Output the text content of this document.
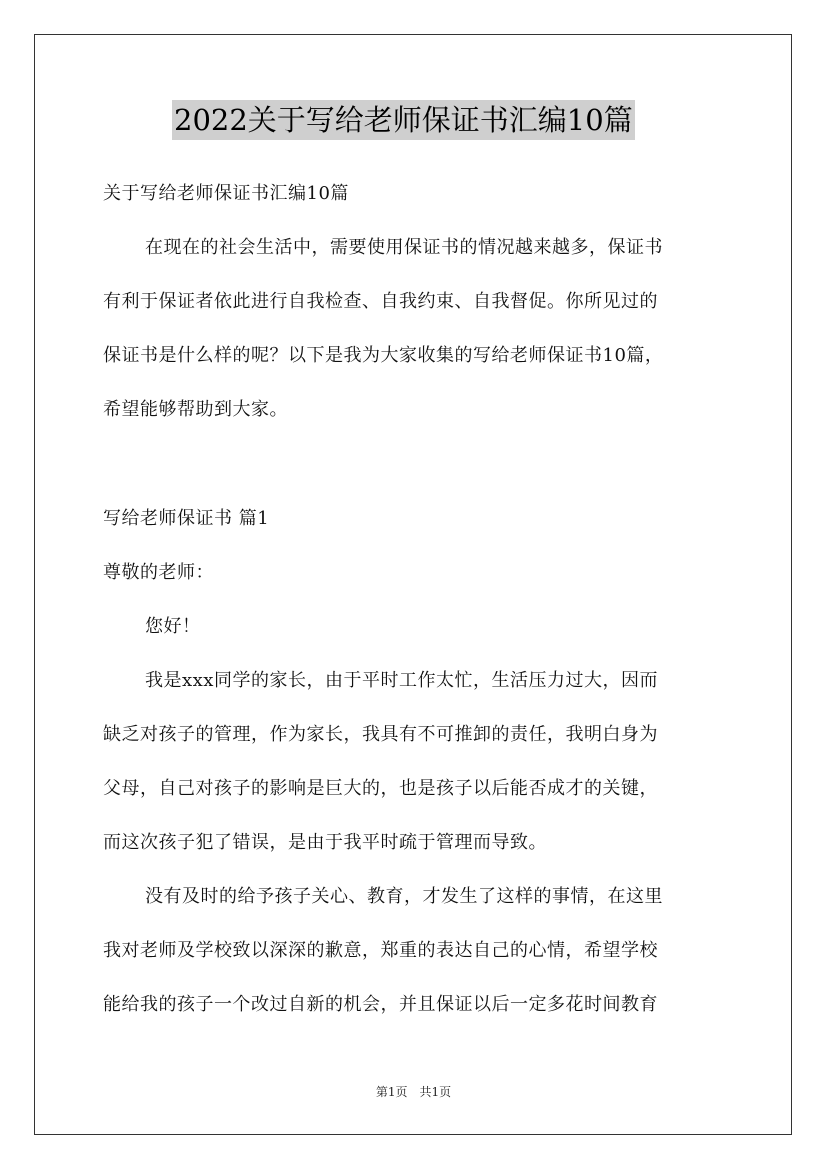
2022关于写给老师保证书汇编10篇
关于写给老师保证书汇编10篇
在现在的社会生活中，需要使用保证书的情况越来越多，保证书
有利于保证者依此进行自我检查、自我约束、自我督促。你所见过的
保证书是什么样的呢？以下是我为大家收集的写给老师保证书10篇，
希望能够帮助到大家。
写给老师保证书 篇1
尊敬的老师：
您好！
我是xxx同学的家长，由于平时工作太忙，生活压力过大，因而
缺乏对孩子的管理，作为家长，我具有不可推卸的责任，我明白身为
父母，自己对孩子的影响是巨大的，也是孩子以后能否成才的关键，
而这次孩子犯了错误，是由于我平时疏于管理而导致。
没有及时的给予孩子关心、教育，才发生了这样的事情，在这里
我对老师及学校致以深深的歉意，郑重的表达自己的心情，希望学校
能给我的孩子一个改过自新的机会，并且保证以后一定多花时间教育
第1页　共1页
